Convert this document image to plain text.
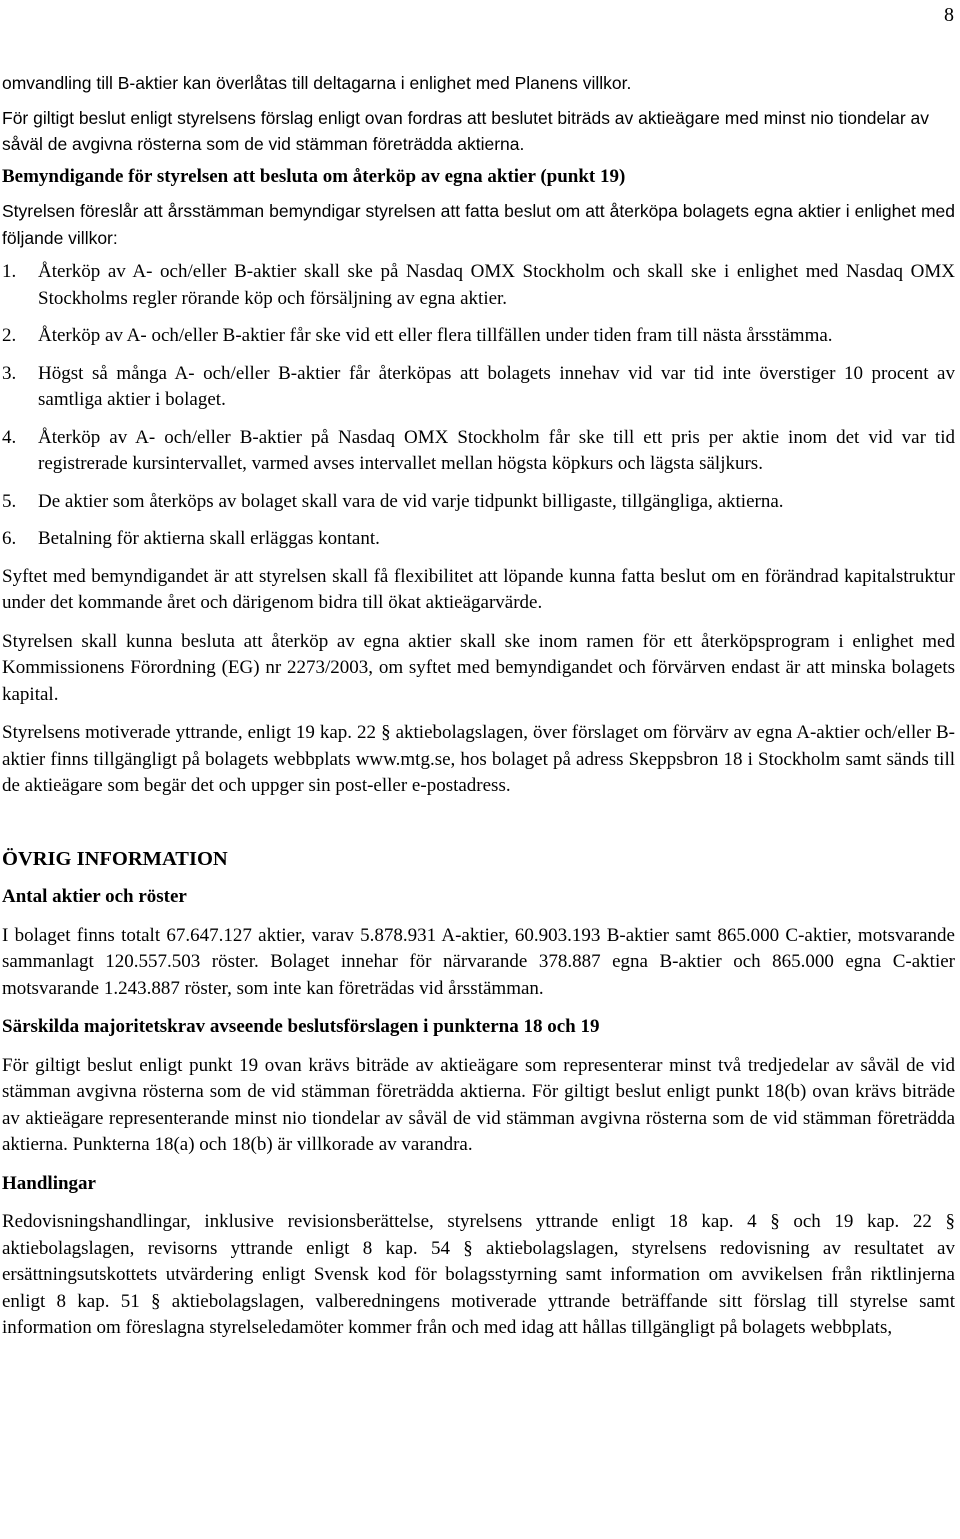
8

omvandling till B-aktier kan överlåtas till deltagarna i enlighet med Planens villkor.

För giltigt beslut enligt styrelsens förslag enligt ovan fordras att beslutet biträds av aktieägare med minst nio tiondelar av såväl de avgivna rösterna som de vid stämman företrädda aktierna.

Bemyndigande för styrelsen att besluta om återköp av egna aktier (punkt 19)

Styrelsen föreslår att årsstämman bemyndigar styrelsen att fatta beslut om att återköpa bolagets egna aktier i enlighet med följande villkor:

1.	Återköp av A- och/eller B-aktier skall ske på Nasdaq OMX Stockholm och skall ske i enlighet med Nasdaq OMX Stockholms regler rörande köp och försäljning av egna aktier.
2.	Återköp av A- och/eller B-aktier får ske vid ett eller flera tillfällen under tiden fram till nästa årsstämma.
3.	Högst så många A- och/eller B-aktier får återköpas att bolagets innehav vid var tid inte överstiger 10 procent av samtliga aktier i bolaget.
4.	Återköp av A- och/eller B-aktier på Nasdaq OMX Stockholm får ske till ett pris per aktie inom det vid var tid registrerade kursintervallet, varmed avses intervallet mellan högsta köpkurs och lägsta säljkurs.
5.	De aktier som återköps av bolaget skall vara de vid varje tidpunkt billigaste, tillgängliga, aktierna.
6.	Betalning för aktierna skall erläggas kontant.

Syftet med bemyndigandet är att styrelsen skall få flexibilitet att löpande kunna fatta beslut om en förändrad kapitalstruktur under det kommande året och därigenom bidra till ökat aktieägarvärde.

Styrelsen skall kunna besluta att återköp av egna aktier skall ske inom ramen för ett återköpsprogram i enlighet med Kommissionens Förordning (EG) nr 2273/2003, om syftet med bemyndigandet och förvärven endast är att minska bolagets kapital.

Styrelsens motiverade yttrande, enligt 19 kap. 22 § aktiebolagslagen, över förslaget om förvärv av egna A-aktier och/eller B-aktier finns tillgängligt på bolagets webbplats www.mtg.se, hos bolaget på adress Skeppsbron 18 i Stockholm samt sänds till de aktieägare som begär det och uppger sin post-eller e-postadress.

ÖVRIG INFORMATION
Antal aktier och röster

I bolaget finns totalt 67.647.127 aktier, varav 5.878.931 A-aktier, 60.903.193 B-aktier samt 865.000 C-aktier, motsvarande sammanlagt 120.557.503 röster. Bolaget innehar för närvarande 378.887 egna B-aktier och 865.000 egna C-aktier motsvarande 1.243.887 röster, som inte kan företrädas vid årsstämman.

Särskilda majoritetskrav avseende beslutsförslagen i punkterna 18 och 19

För giltigt beslut enligt punkt 19 ovan krävs biträde av aktieägare som representerar minst två tredjedelar av såväl de vid stämman avgivna rösterna som de vid stämman företrädda aktierna. För giltigt beslut enligt punkt 18(b) ovan krävs biträde av aktieägare representerande minst nio tiondelar av såväl de vid stämman avgivna rösterna som de vid stämman företrädda aktierna. Punkterna 18(a) och 18(b) är villkorade av varandra.

Handlingar

Redovisningshandlingar, inklusive revisionsberättelse, styrelsens yttrande enligt 18 kap. 4 § och 19 kap. 22 § aktiebolagslagen, revisorns yttrande enligt 8 kap. 54 § aktiebolagslagen, styrelsens redovisning av resultatet av ersättningsutskottets utvärdering enligt Svensk kod för bolagsstyrning samt information om avvikelsen från riktlinjerna enligt 8 kap. 51 § aktiebolagslagen, valberedningens motiverade yttrande beträffande sitt förslag till styrelse samt information om föreslagna styrelseledamöter kommer från och med idag att hållas tillgängligt på bolagets webbplats,
